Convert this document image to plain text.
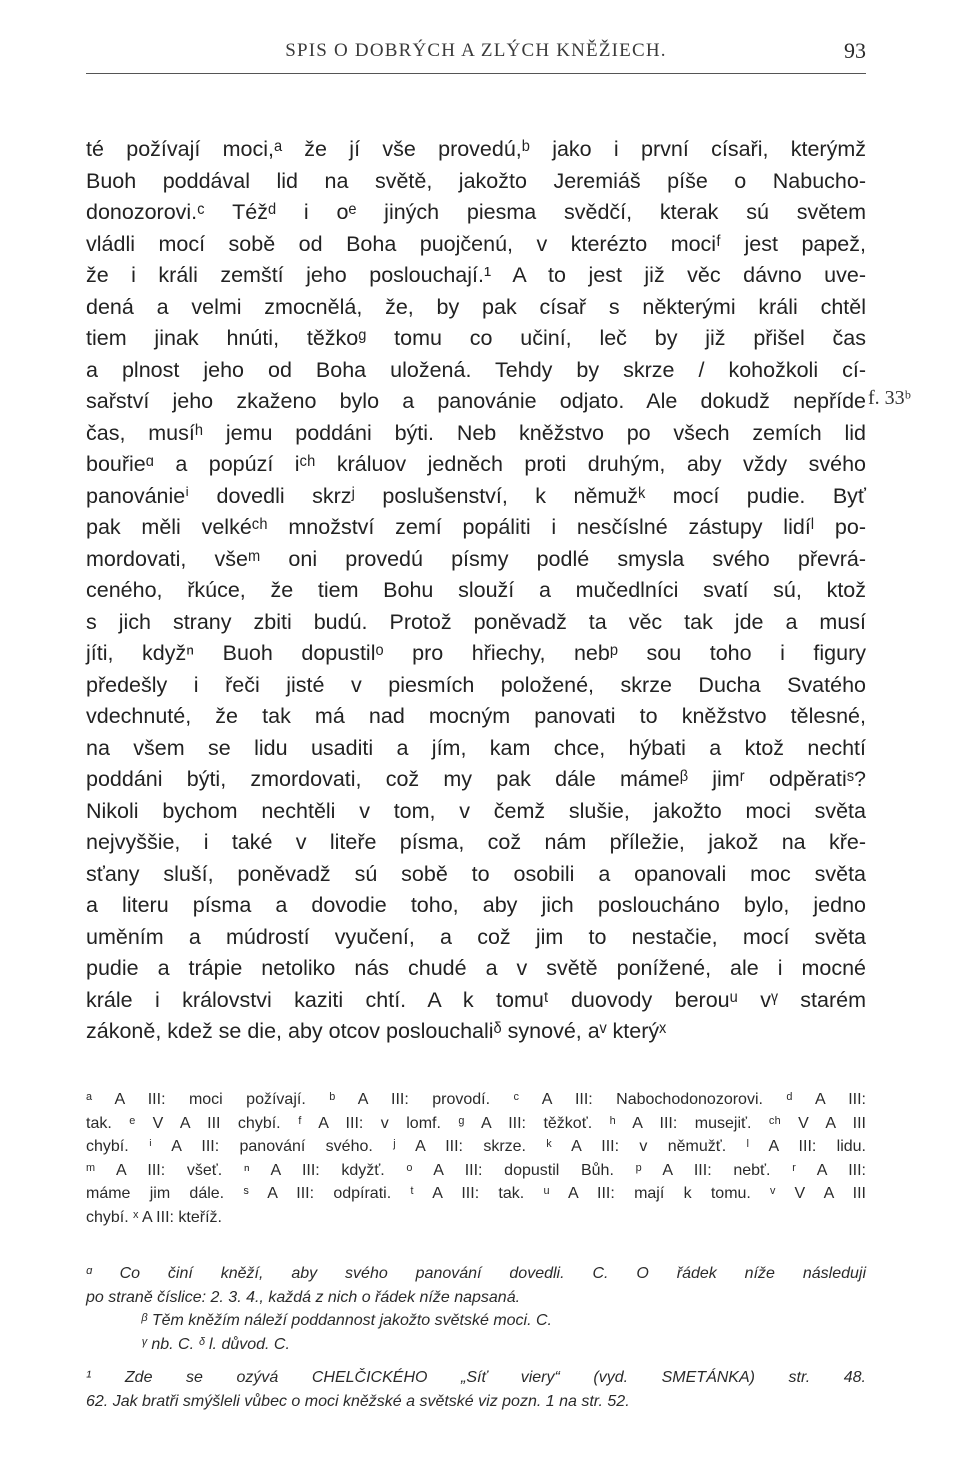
SPIS O DOBRÝCH A ZLÝCH KNĚŽIECH.	93
té požívají moci,ᵃ že jí vše provedú,ᵇ jako i první císaři, kterýmž
Buoh poddával lid na světě, jakožto Jeremiáš píše o Nabucho-
donozorovi.ᶜ Téžᵈ i oᵉ jiných piesma svědčí, kterak sú světem
vládli mocí sobě od Boha puojčenú, v kterézto mociᶠ jest papež,
že i králi zemští jeho poslouchají.¹ A to jest již věc dávno uve-
dená a velmi zmocnělá, že, by pak císař s některými králi chtěl
tiem jinak hnúti, těžkoᵍ tomu co učiní, leč by již přišel čas
a plnost jeho od Boha uložená. Tehdy by skrze / kohožkoli cí-
sařství jeho zkaženo bylo a panovánie odjato. Ale dokudž nepříde
čas, musíʰ jemu poddáni býti. Neb kněžstvo po všech zemích lid
bouřieᵅ a popúzí iᶜʰ králuov jedněch proti druhým, aby vždy svého
panovánieⁱ dovedli skrzʲ poslušenství, k němužᵏ mocí pudie. Byť
pak měli velkéᶜʰ množství zemí popáliti i nesčíslné zástupy lidíˡ po-
mordovati, všeᵐ oni provedú písmy podlé smysla svého převrá-
ceného, řkúce, že tiem Bohu slouží a mučedlníci svatí sú, ktož
s jich strany zbiti budú. Protož poněvadž ta věc tak jde a musí
jíti, kdyžⁿ Buoh dopustilᵒ pro hřiechy, nebᵖ sou toho i figury
předešly i řeči jisté v piesmích položené, skrze Ducha Svatého
vdechnuté, že tak má nad mocným panovati to kněžstvo tělesné,
na všem se lidu usaditi a jím, kam chce, hýbati a ktož nechtí
poddáni býti, zmordovati, což my pak dále mámeᵝ jimʳ odpěratiˢ?
Nikoli bychom nechtěli v tom, v čemž slušie, jakožto moci světa
nejvyššie, i také v liteře písma, což nám příležie, jakož na kře-
sťany sluší, poněvadž sú sobě to osobili a opanovali moc světa
a literu písma a dovodie toho, aby jich posloucháno bylo, jedno
uměním a múdrostí vyučení, a což jim to nestačie, mocí světa
pudie a trápie netoliko nás chudé a v světě ponížené, ale i mocné
krále i královstvi kaziti chtí. A k tomuᵗ duovody berouᵘ vᵞ starém
zákoně, kdež se die, aby otcov poslouchaliᵟ synové, aᵛ kterýˣ
f. 33ᵇ
ᵃ A III: moci požívají. ᵇ A III: provodí. ᶜ A III: Nabochodonozorovi. ᵈ A III:
tak. ᵉ V A III chybí. ᶠ A III: v lomf. ᵍ A III: těžkoť. ʰ A III: musejiť. ᶜʰ V A III
chybí. ⁱ A III: panování svého. ʲ A III: skrze. ᵏ A III: v němužť. ˡ A III: lidu.
ᵐ A III: všeť. ⁿ A III: kdyžť. ᵒ A III: dopustil Bůh. ᵖ A III: nebť. ʳ A III:
máme jim dále. ˢ A III: odpírati. ᵗ A III: tak. ᵘ A III: mají k tomu. ᵛ V A III
chybí. ˣ A III: kteříž.
ᵅ Co činí kněží, aby svého panování dovedli. C. O řádek níže následuji
po straně číslice: 2. 3. 4., každá z nich o řádek níže napsaná.
ᵝ Těm kněžím náleží poddannost jakožto světské moci. C.
ᵞ nb. C. ᵟ l. důvod. C.
¹ Zde se ozývá CHELČICKÉHO „Síť viery“ (vyd. SMETÁNKA) str. 48.
62. Jak bratři smýšleli vůbec o moci kněžské a světské viz pozn. 1 na str. 52.
